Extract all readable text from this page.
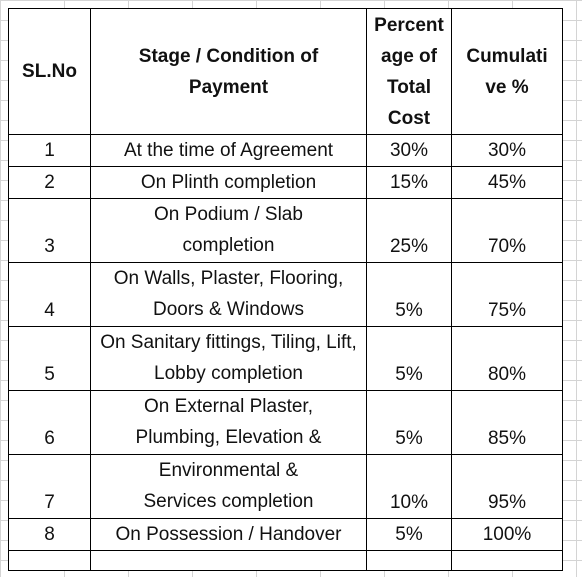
SL.No	Stage / Condition of Payment	Percent age of Total Cost	Cumulati ve %
1	At the time of Agreement	30%	30%
2	On Plinth completion	15%	45%
3	On Podium / Slab completion	25%	70%
4	On Walls, Plaster, Flooring, Doors & Windows	5%	75%
5	On Sanitary fittings, Tiling, Lift, Lobby completion	5%	80%
6	On External Plaster, Plumbing, Elevation &	5%	85%
7	Environmental & Services completion	10%	95%
8	On Possession / Handover	5%	100%
